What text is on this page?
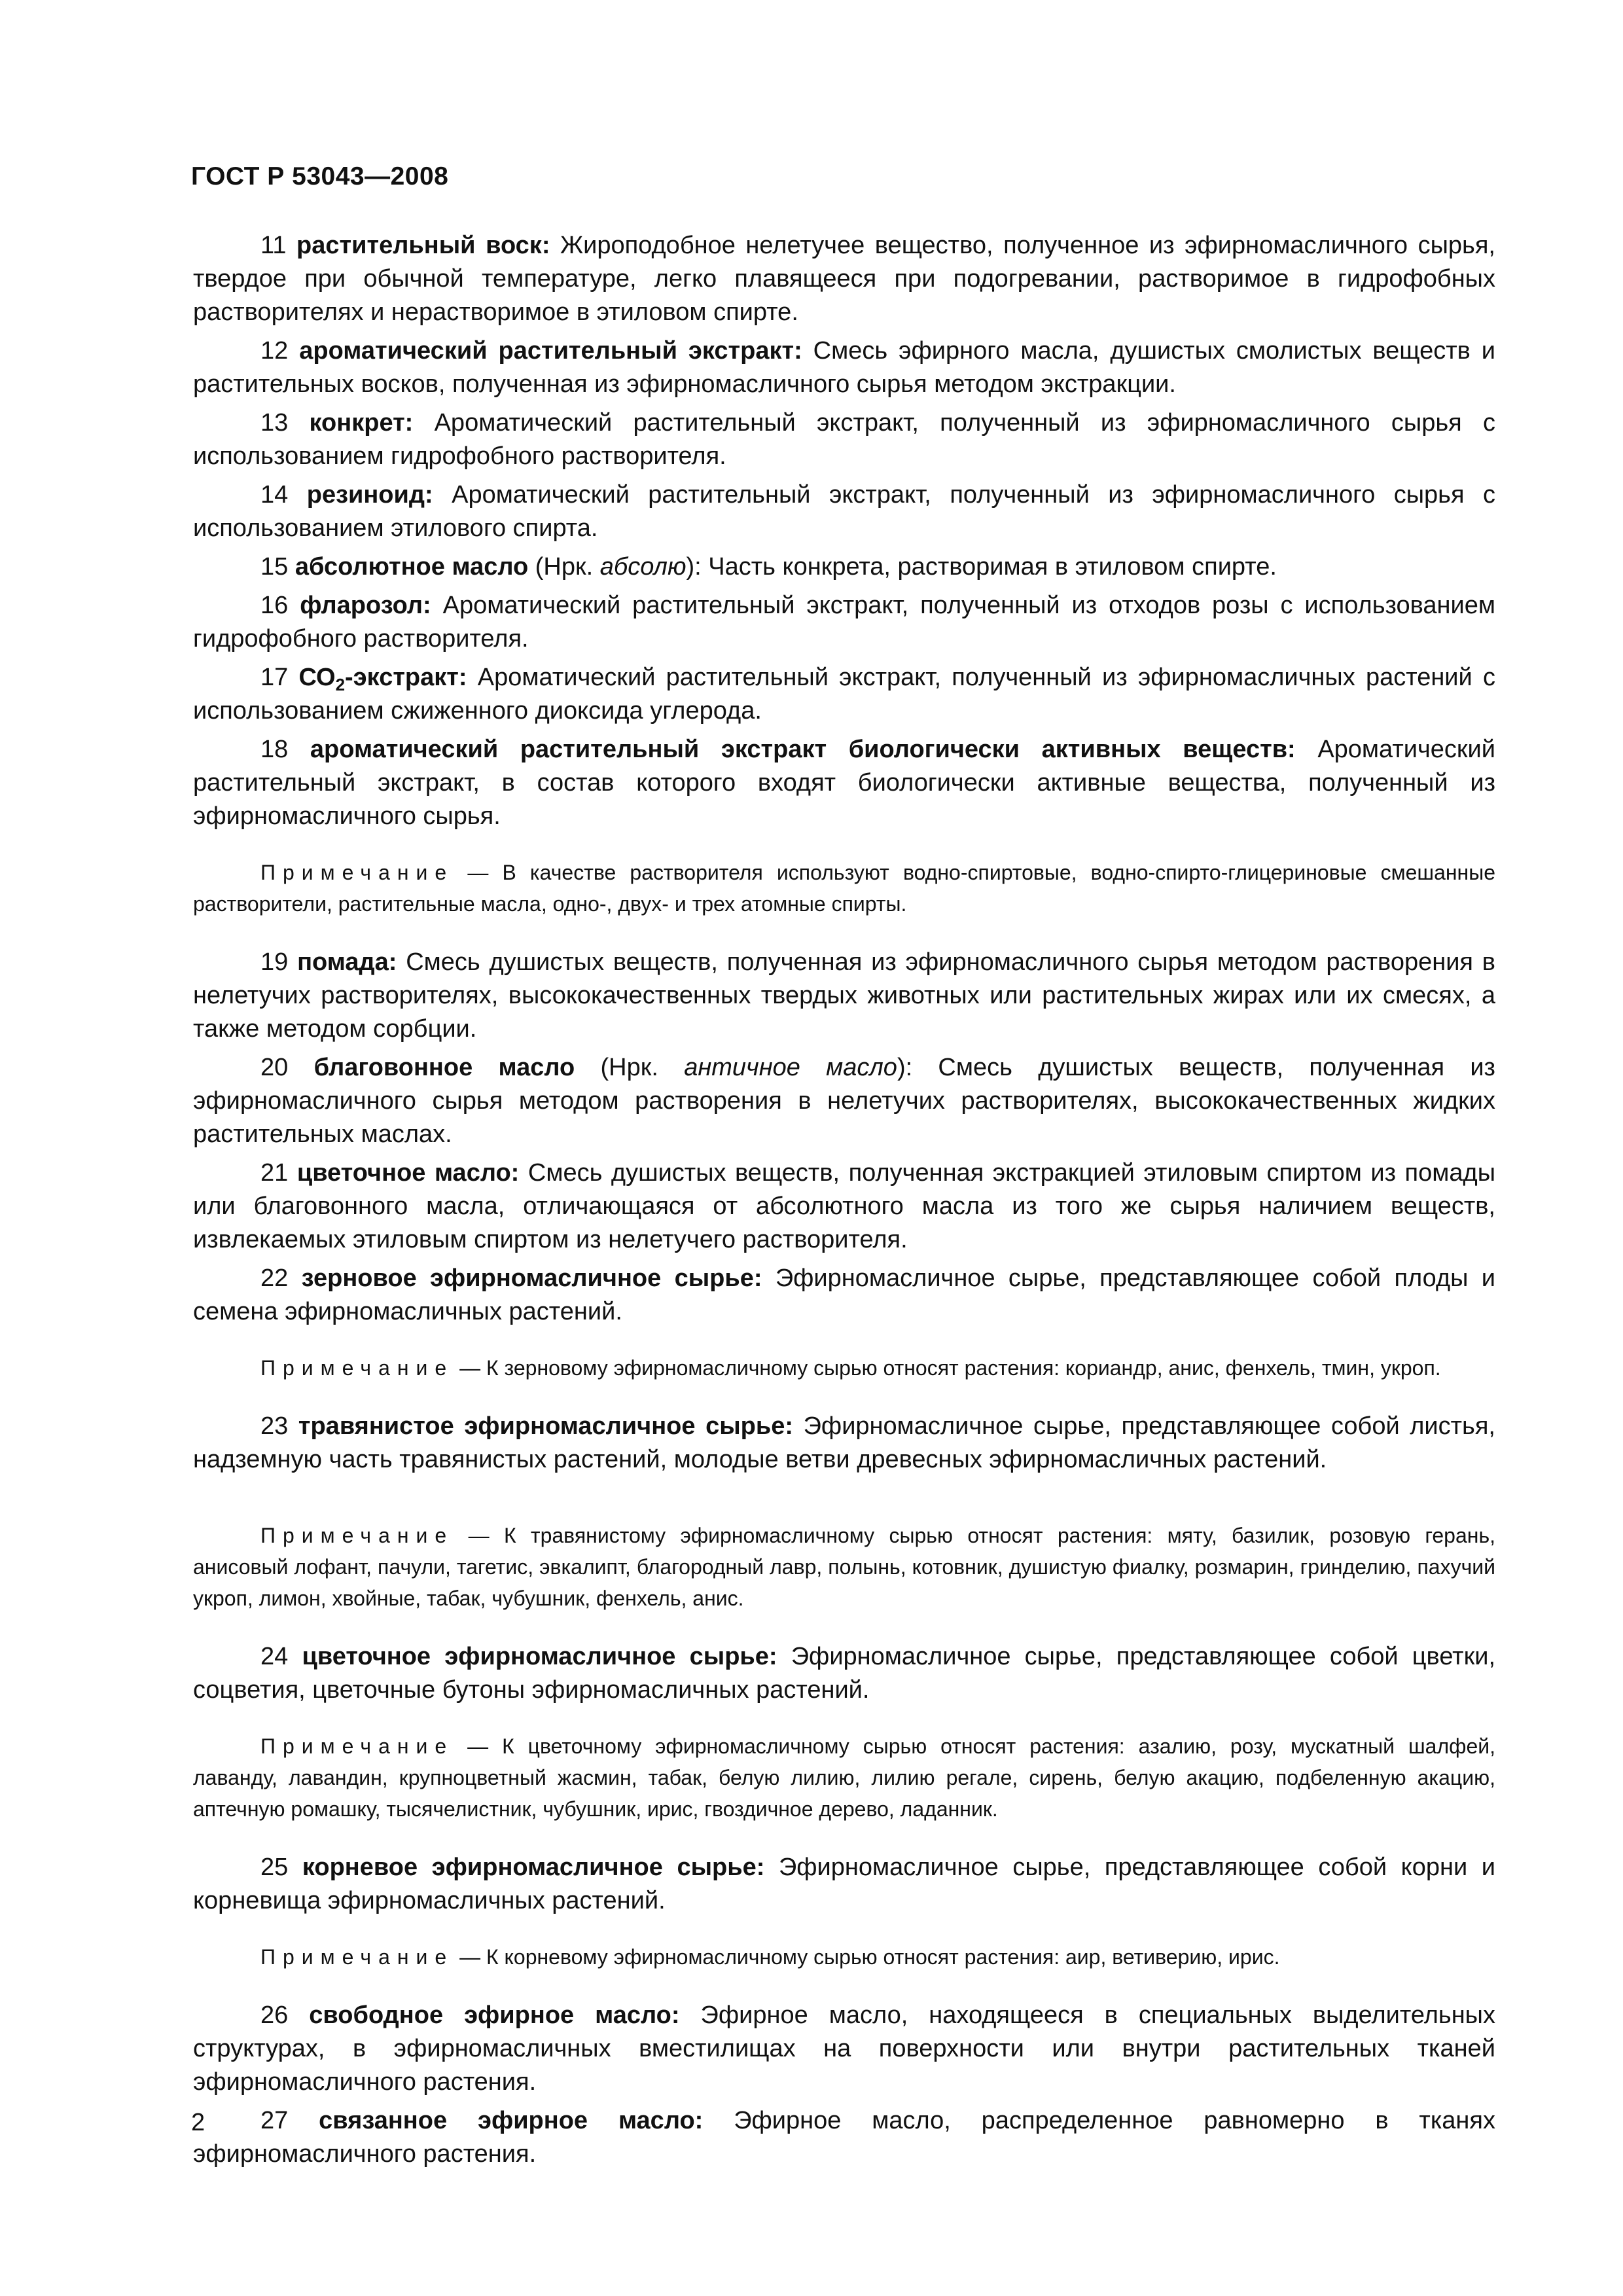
ГОСТ Р 53043—2008

11 растительный воск: Жироподобное нелетучее вещество, полученное из эфирномасличного сырья, твердое при обычной температуре, легко плавящееся при подогревании, растворимое в гидрофобных растворителях и нерастворимое в этиловом спирте.

12 ароматический растительный экстракт: Смесь эфирного масла, душистых смолистых веществ и растительных восков, полученная из эфирномасличного сырья методом экстракции.

13 конкрет: Ароматический растительный экстракт, полученный из эфирномасличного сырья с использованием гидрофобного растворителя.

14 резиноид: Ароматический растительный экстракт, полученный из эфирномасличного сырья с использованием этилового спирта.

15 абсолютное масло (Нрк. абсолю): Часть конкрета, растворимая в этиловом спирте.

16 фларозол: Ароматический растительный экстракт, полученный из отходов розы с использованием гидрофобного растворителя.

17 $СО_2$-экстракт: Ароматический растительный экстракт, полученный из эфирномасличных растений с использованием сжиженного диоксида углерода.

18 ароматический растительный экстракт биологически активных веществ: Ароматический растительный экстракт, в состав которого входят биологически активные вещества, полученный из эфирномасличного сырья.

Примечание — В качестве растворителя используют водно-спиртовые, водно-спирто-глицериновые смешанные растворители, растительные масла, одно-, двух- и трех атомные спирты.

19 помада: Смесь душистых веществ, полученная из эфирномасличного сырья методом растворения в нелетучих растворителях, высококачественных твердых животных или растительных жирах или их смесях, а также методом сорбции.

20 благовонное масло (Нрк. античное масло): Смесь душистых веществ, полученная из эфирномасличного сырья методом растворения в нелетучих растворителях, высококачественных жидких растительных маслах.

21 цветочное масло: Смесь душистых веществ, полученная экстракцией этиловым спиртом из помады или благовонного масла, отличающаяся от абсолютного масла из того же сырья наличием веществ, извлекаемых этиловым спиртом из нелетучего растворителя.

22 зерновое эфирномасличное сырье: Эфирномасличное сырье, представляющее собой плоды и семена эфирномасличных растений.

Примечание — К зерновому эфирномасличному сырью относят растения: кориандр, анис, фенхель, тмин, укроп.

23 травянистое эфирномасличное сырье: Эфирномасличное сырье, представляющее собой листья, надземную часть травянистых растений, молодые ветви древесных эфирномасличных растений.

Примечание — К травянистому эфирномасличному сырью относят растения: мяту, базилик, розовую герань, анисовый лофант, пачули, тагетис, эвкалипт, благородный лавр, полынь, котовник, душистую фиалку, розмарин, гринделию, пахучий укроп, лимон, хвойные, табак, чубушник, фенхель, анис.

24 цветочное эфирномасличное сырье: Эфирномасличное сырье, представляющее собой цветки, соцветия, цветочные бутоны эфирномасличных растений.

Примечание — К цветочному эфирномасличному сырью относят растения: азалию, розу, мускатный шалфей, лаванду, лавандин, крупноцветный жасмин, табак, белую лилию, лилию регале, сирень, белую акацию, подбеленную акацию, аптечную ромашку, тысячелистник, чубушник, ирис, гвоздичное дерево, ладанник.

25 корневое эфирномасличное сырье: Эфирномасличное сырье, представляющее собой корни и корневища эфирномасличных растений.

Примечание — К корневому эфирномасличному сырью относят растения: аир, ветиверию, ирис.

26 свободное эфирное масло: Эфирное масло, находящееся в специальных выделительных структурах, в эфирномасличных вместилищах на поверхности или внутри растительных тканей эфирномасличного растения.

27 связанное эфирное масло: Эфирное масло, распределенное равномерно в тканях эфирномасличного растения.

2
